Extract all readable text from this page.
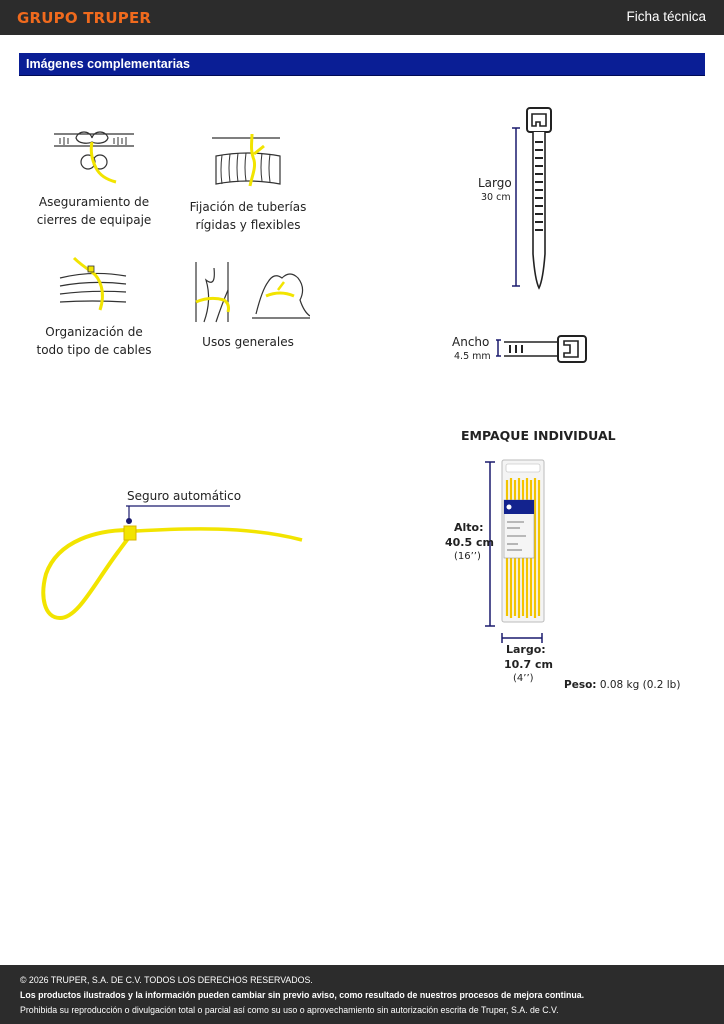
GRUPO TRUPER	Ficha técnica
Imágenes complementarias
Aseguramiento de
cierres de equipaje
Fijación de tuberías
rígidas y flexibles
Organización de
todo tipo de cables
Usos generales
Largo
30 cm
Ancho
4.5 mm
EMPAQUE INDIVIDUAL
Alto:
40.5 cm
(16’’)
Largo:
10.7 cm
(4’’)
Peso: 0.08 kg (0.2 lb)
Seguro automático

© 2026 TRUPER, S.A. DE C.V. TODOS LOS DERECHOS RESERVADOS.

Los productos ilustrados y la información pueden cambiar sin previo aviso, como resultado de nuestros procesos de mejora continua.

Prohibida su reproducción o divulgación total o parcial así como su uso o aprovechamiento sin autorización escrita de Truper, S.A. de C.V.
